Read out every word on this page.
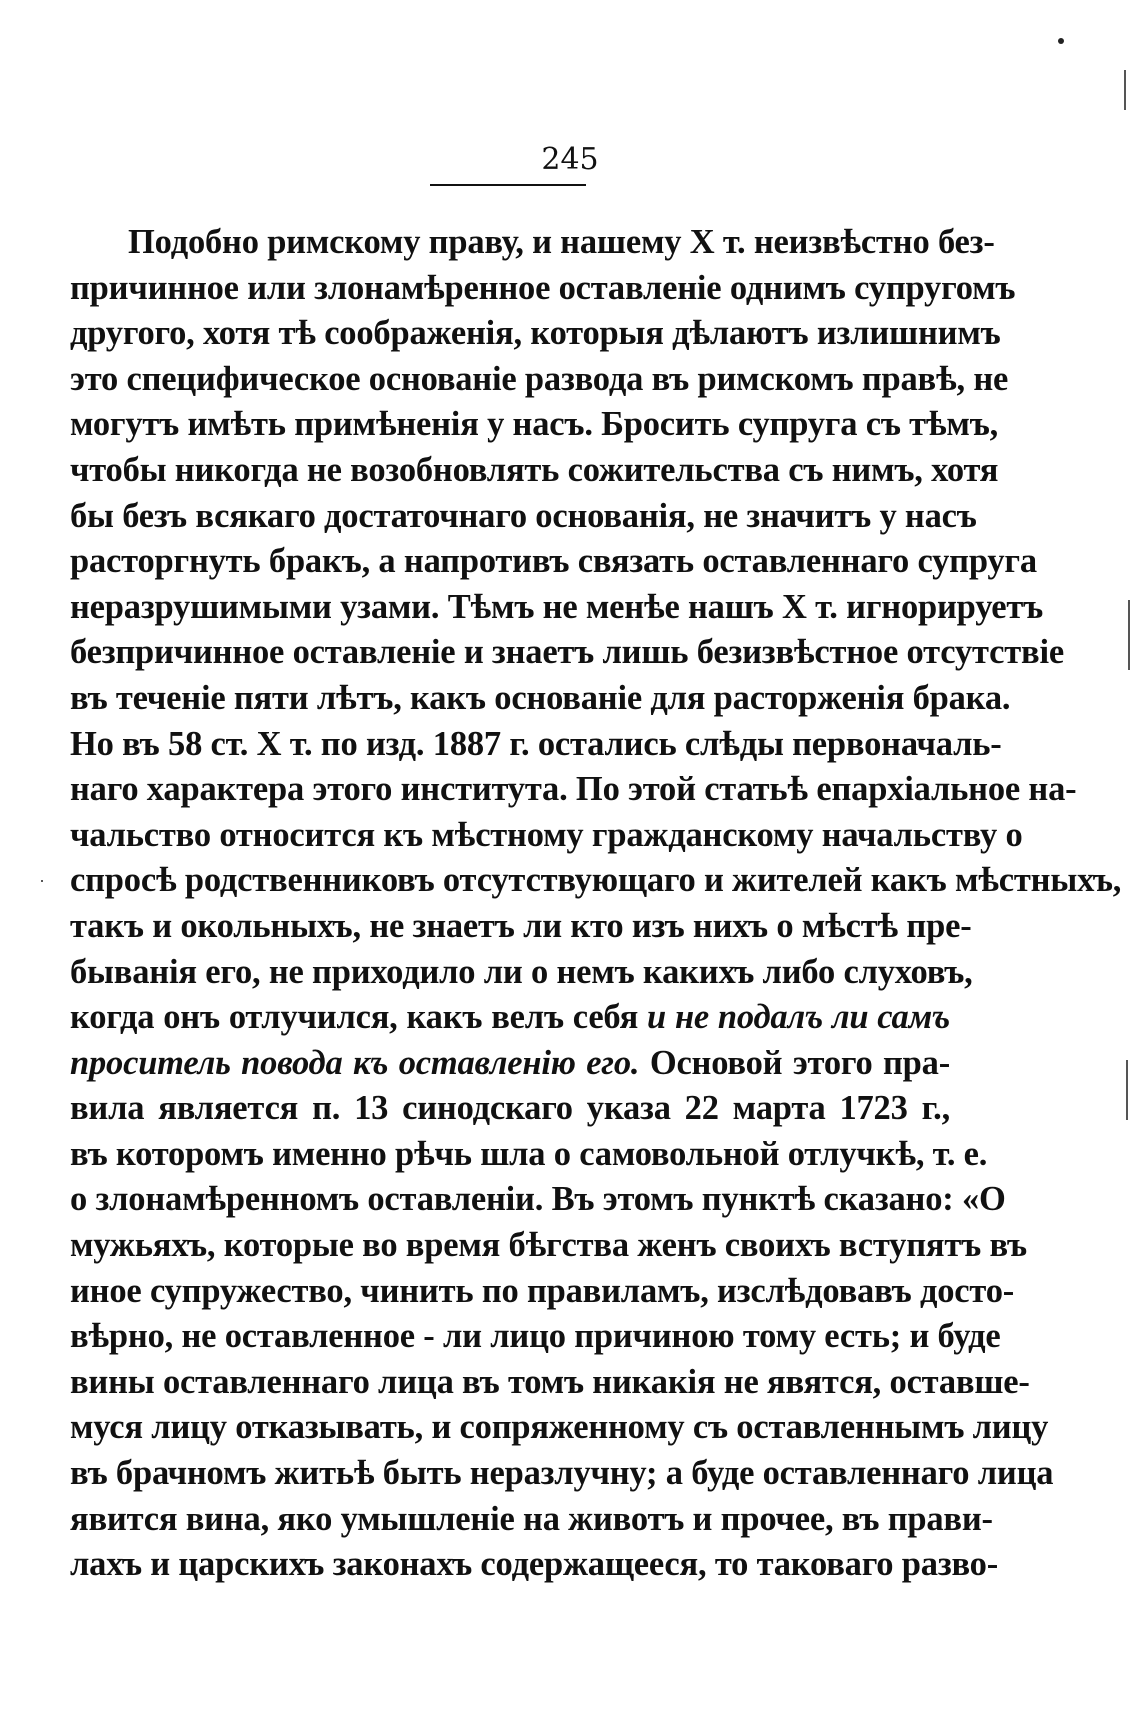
245
Подобно римскому праву, и нашему Х т. неизвѣстно без-
причинное или злонамѣренное оставленіе однимъ супругомъ
другого, хотя тѣ соображенія, которыя дѣлаютъ излишнимъ
это специфическое основаніе развода въ римскомъ правѣ, не
могутъ имѣть примѣненія у насъ. Бросить супруга съ тѣмъ,
чтобы никогда не возобновлять сожительства съ нимъ, хотя
бы безъ всякаго достаточнаго основанія, не значитъ у насъ
расторгнуть бракъ, а напротивъ связать оставленнаго супруга
неразрушимыми узами. Тѣмъ не менѣе нашъ Х т. игнорируетъ
безпричинное оставленіе и знаетъ лишь безизвѣстное отсутствіе
въ теченіе пяти лѣтъ, какъ основаніе для расторженія брака.
Но въ 58 ст. Х т. по изд. 1887 г. остались слѣды первоначаль-
наго характера этого института. По этой статьѣ епархіальное на-
чальство относится къ мѣстному гражданскому начальству о
спросѣ родственниковъ отсутствующаго и жителей какъ мѣстныхъ,
такъ и окольныхъ, не знаетъ ли кто изъ нихъ о мѣстѣ пре-
быванія его, не приходило ли о немъ какихъ либо слуховъ,
когда онъ отлучился, какъ велъ себя и не подалъ ли самъ
проситель повода къ оставленію его. Основой этого пра-
вила является п. 13 синодскаго указа 22 марта 1723 г.,
въ которомъ именно рѣчь шла о самовольной отлучкѣ, т. е.
о злонамѣренномъ оставленіи. Въ этомъ пунктѣ сказано: «О
мужьяхъ, которые во время бѣгства женъ своихъ вступятъ въ
иное супружество, чинить по правиламъ, изслѣдовавъ досто-
вѣрно, не оставленное - ли лицо причиною тому есть; и буде
вины оставленнаго лица въ томъ никакія не явятся, оставше-
муся лицу отказывать, и сопряженному съ оставленнымъ лицу
въ брачномъ житьѣ быть неразлучну; а буде оставленнаго лица
явится вина, яко умышленіе на животъ и прочее, въ прави-
лахъ и царскихъ законахъ содержащееся, то таковаго разво-
